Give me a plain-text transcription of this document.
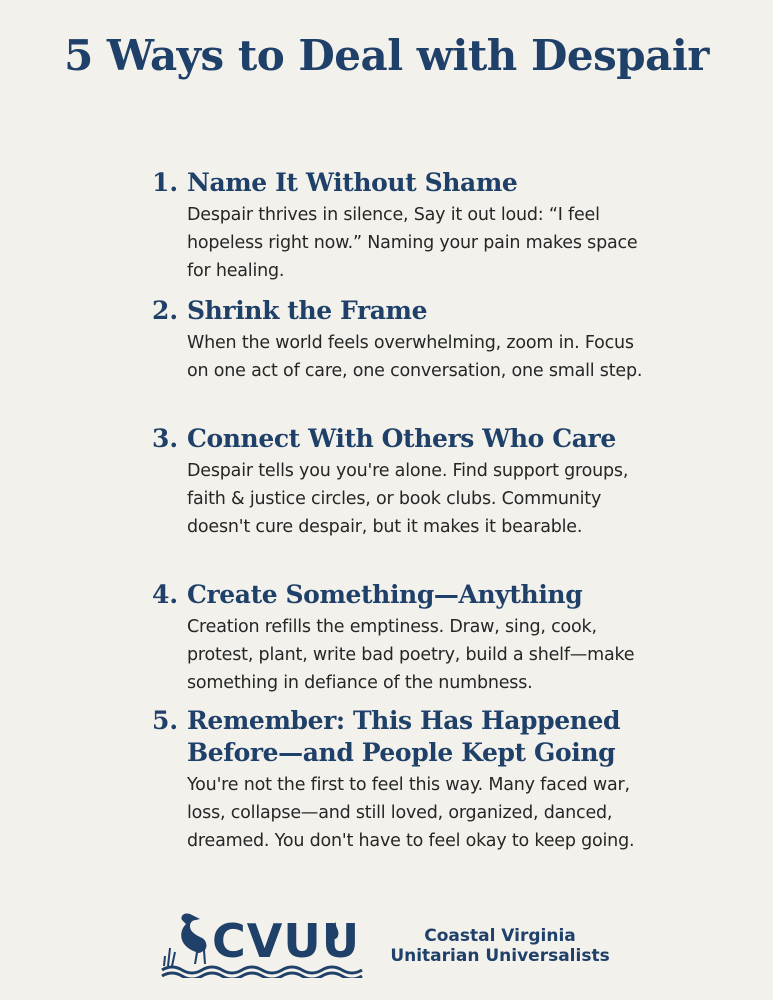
5 Ways to Deal with Despair
1. Name It Without Shame

Despair thrives in silence, Say it out loud: “I feel hopeless right now.” Naming your pain makes space for healing.

2. Shrink the Frame

When the world feels overwhelming, zoom in. Focus on one act of care, one conversation, one small step.

3. Connect With Others Who Care

Despair tells you you're alone. Find support groups, faith & justice circles, or book clubs. Community doesn't cure despair, but it makes it bearable.

4. Create Something—Anything

Creation refills the emptiness. Draw, sing, cook, protest, plant, write bad poetry, build a shelf—make something in defiance of the numbness.

5. Remember: This Has Happened Before—and People Kept Going

You're not the first to feel this way. Many faced war, loss, collapse—and still loved, organized, danced, dreamed. You don't have to feel okay to keep going.

CVUU	Coastal Virginia
Unitarian Universalists
